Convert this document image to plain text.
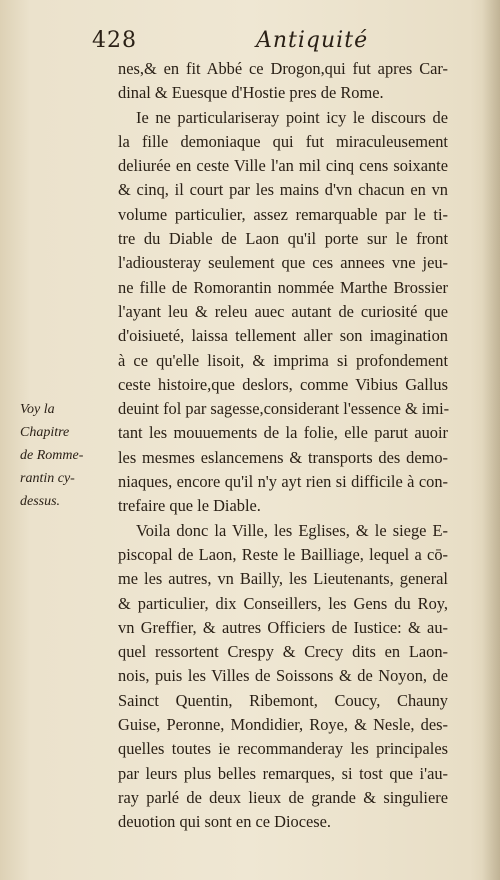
428	Antiquité
nes,& en fit Abbé ce Drogon,qui fut apres Car-
dinal & Euesque d'Hostie pres de Rome.
Ie ne particulariseray point icy le discours de
la fille demoniaque qui fut miraculeusement
deliurée en ceste Ville l'an mil cinq cens soixante
& cinq, il court par les mains d'vn chacun en vn
volume particulier, assez remarquable par le ti-
tre du Diable de Laon qu'il porte sur le front
l'adiousteray seulement que ces annees vne jeu-
ne fille de Romorantin nommée Marthe Brossier
l'ayant leu & releu auec autant de curiosité que
d'oisiueté, laissa tellement aller son imagination
à ce qu'elle lisoit, & imprima si profondement
ceste histoire,que deslors, comme Vibius Gallus
deuint fol par sagesse,considerant l'essence & imi-
tant les mouuements de la folie, elle parut auoir
les mesmes eslancemens & transports des demo-
niaques, encore qu'il n'y ayt rien si difficile à con-
trefaire que le Diable.
Voila donc la Ville, les Eglises, & le siege E-
piscopal de Laon, Reste le Bailliage, lequel a cō-
me les autres, vn Bailly, les Lieutenants, general
& particulier, dix Conseillers, les Gens du Roy,
vn Greffier, & autres Officiers de Iustice: & au-
quel ressortent Crespy & Crecy dits en Laon-
nois, puis les Villes de Soissons & de Noyon, de
Sainct Quentin, Ribemont, Coucy, Chauny
Guise, Peronne, Mondidier, Roye, & Nesle, des-
quelles toutes ie recommanderay les principales
par leurs plus belles remarques, si tost que i'au-
ray parlé de deux lieux de grande & singuliere
deuotion qui sont en ce Diocese.
Voy la
Chapitre
de Romme-
rantin cy-
dessus.
